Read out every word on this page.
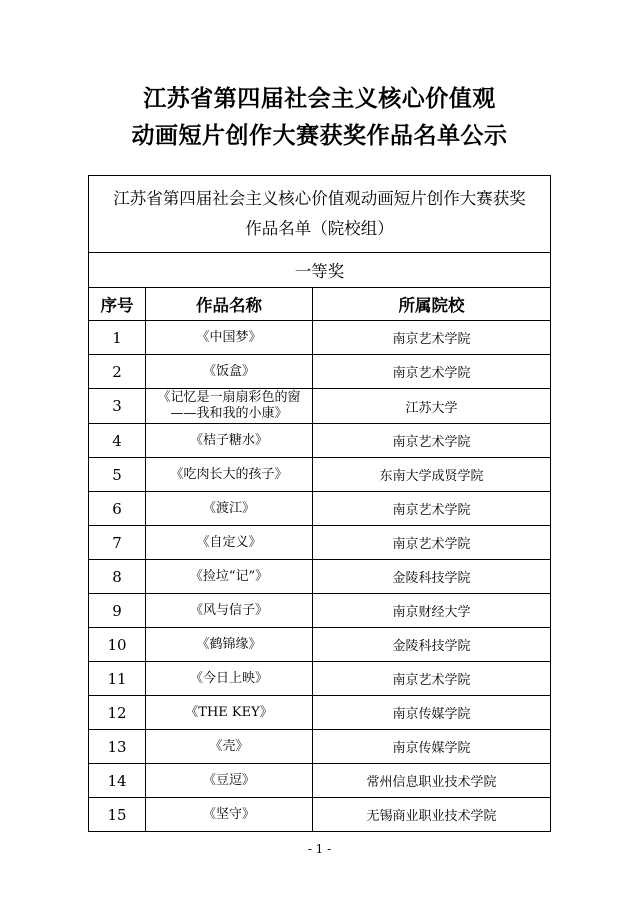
江苏省第四届社会主义核心价值观
动画短片创作大赛获奖作品名单公示
江苏省第四届社会主义核心价值观动画短片创作大赛获奖
作品名单（院校组）		

一等奖		
序号	作品名称	所属院校
1	《中国梦》	南京艺术学院
2	《饭盒》	南京艺术学院
3	《记忆是一扇扇彩色的窗——我和我的小康》	江苏大学
4	《桔子糖水》	南京艺术学院
5	《吃肉长大的孩子》	东南大学成贤学院
6	《渡江》	南京艺术学院
7	《自定义》	南京艺术学院
8	《捡垃“记”》	金陵科技学院
9	《风与信子》	南京财经大学
10	《鹤锦缘》	金陵科技学院
11	《今日上映》	南京艺术学院
12	《THE KEY》	南京传媒学院
13	《壳》	南京传媒学院
14	《豆逗》	常州信息职业技术学院
15	《坚守》	无锡商业职业技术学院
- 1 -
